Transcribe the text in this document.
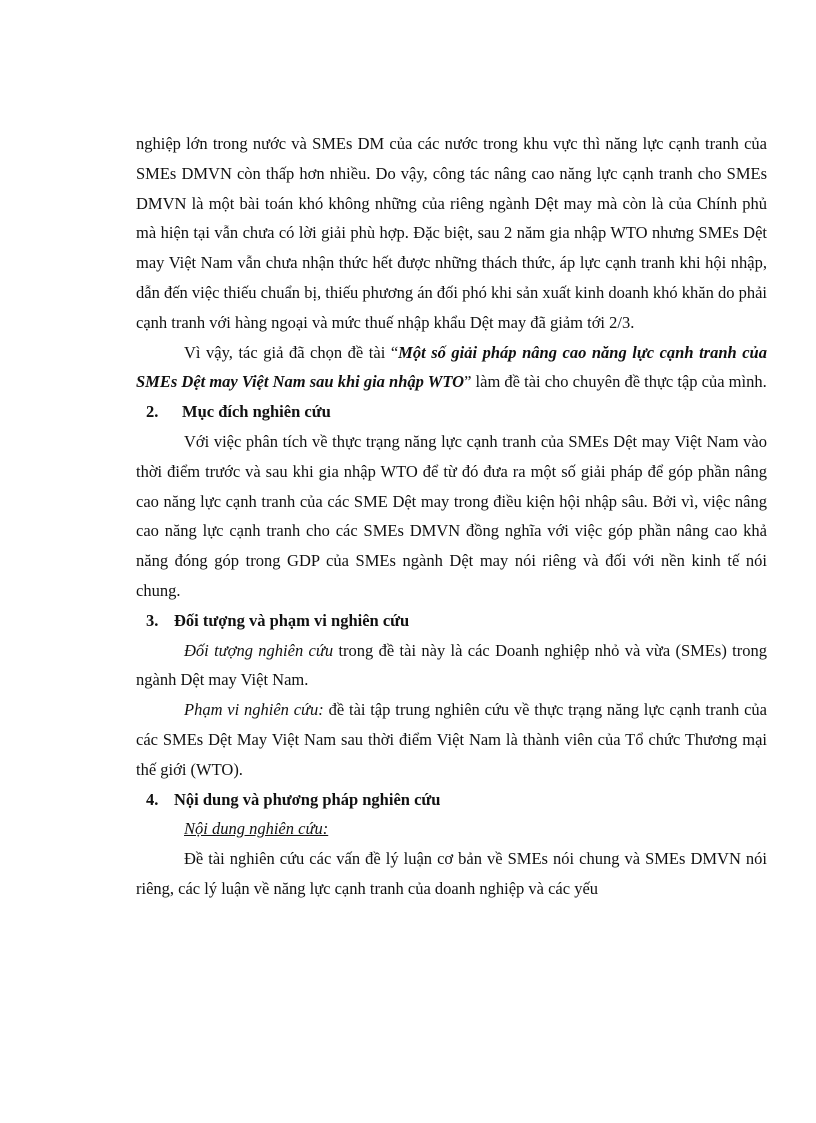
nghiệp lớn trong nước và SMEs DM của các nước trong khu vực thì năng lực cạnh tranh của SMEs DMVN còn thấp hơn nhiều. Do vậy, công tác nâng cao năng lực cạnh tranh cho SMEs DMVN là một bài toán khó không những của riêng ngành Dệt may mà còn là của Chính phủ mà hiện tại vẫn chưa có lời giải phù hợp. Đặc biệt, sau 2 năm gia nhập WTO nhưng SMEs Dệt may Việt Nam vẫn chưa nhận thức hết được những thách thức, áp lực cạnh tranh khi hội nhập, dẫn đến việc thiếu chuẩn bị, thiếu phương án đối phó khi sản xuất kinh doanh khó khăn do phải cạnh tranh với hàng ngoại và mức thuế nhập khẩu Dệt may đã giảm tới 2/3.

Vì vậy, tác giả đã chọn đề tài “Một số giải pháp nâng cao năng lực cạnh tranh của SMEs Dệt may Việt Nam sau khi gia nhập WTO” làm đề tài cho chuyên đề thực tập của mình.

2. Mục đích nghiên cứu

Với việc phân tích về thực trạng năng lực cạnh tranh của SMEs Dệt may Việt Nam vào thời điểm trước và sau khi gia nhập WTO để từ đó đưa ra một số giải pháp để góp phần nâng cao năng lực cạnh tranh của các SME Dệt may trong điều kiện hội nhập sâu. Bởi vì, việc nâng cao năng lực cạnh tranh cho các SMEs DMVN đồng nghĩa với việc góp phần nâng cao khả năng đóng góp trong GDP của SMEs ngành Dệt may nói riêng và đối với nền kinh tế nói chung.

3. Đối tượng và phạm vi nghiên cứu

Đối tượng nghiên cứu trong đề tài này là các Doanh nghiệp nhỏ và vừa (SMEs) trong ngành Dệt may Việt Nam.

Phạm vi nghiên cứu: đề tài tập trung nghiên cứu về thực trạng năng lực cạnh tranh của các SMEs Dệt May Việt Nam sau thời điểm Việt Nam là thành viên của Tổ chức Thương mại thế giới (WTO).

4. Nội dung và phương pháp nghiên cứu

Nội dung nghiên cứu:

Đề tài nghiên cứu các vấn đề lý luận cơ bản về SMEs nói chung và SMEs DMVN nói riêng, các lý luận về năng lực cạnh tranh của doanh nghiệp và các yếu
